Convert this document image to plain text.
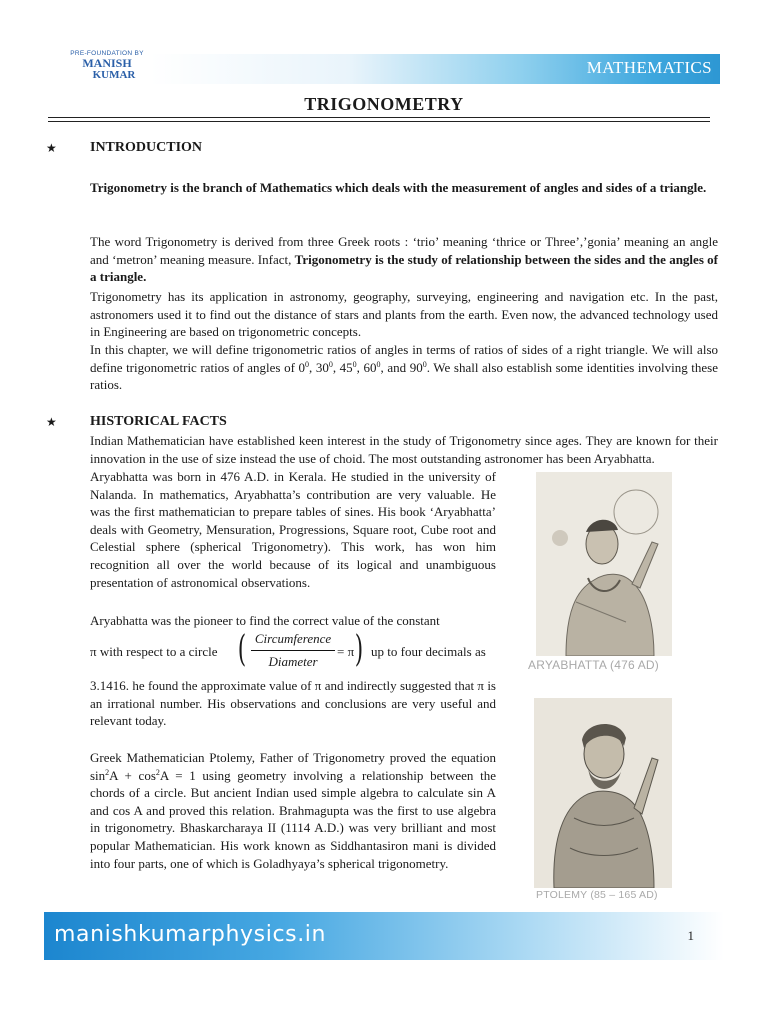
PRE-FOUNDATION BY
MANISH
KUMAR	MATHEMATICS
TRIGONOMETRY
★ INTRODUCTION
Trigonometry is the branch of Mathematics which deals with the measurement of angles and sides of a triangle.
The word Trigonometry is derived from three Greek roots : ‘trio’ meaning ‘thrice or Three’,’gonia’ meaning an angle and ‘metron’ meaning measure. Infact, Trigonometry is the study of relationship between the sides and the angles of a triangle.
Trigonometry has its application in astronomy, geography, surveying, engineering and navigation etc. In the past, astronomers used it to find out the distance of stars and plants from the earth. Even now, the advanced technology used in Engineering are based on trigonometric concepts.
In this chapter, we will define trigonometric ratios of angles in terms of ratios of sides of a right triangle. We will also define trigonometric ratios of angles of $0^0$, $30^0$, $45^0$, $60^0$, and $90^0$. We shall also establish some identities involving these ratios.
★ HISTORICAL FACTS
Indian Mathematician have established keen interest in the study of Trigonometry since ages. They are known for their innovation in the use of size instead the use of choid. The most outstanding astronomer has been Aryabhatta.
Aryabhatta was born in 476 A.D. in Kerala. He studied in the university of Nalanda. In mathematics, Aryabhatta’s contribution are very valuable. He was the first mathematician to prepare tables of sines. His book ‘Aryabhatta’ deals with Geometry, Mensuration, Progressions, Square root, Cube root and Celestial sphere (spherical Trigonometry). This work, has won him recognition all over the world because of its logical and unambiguous presentation of astronomical observations.
Aryabhatta was the pioneer to find the correct value of the constant
π with respect to a circle ( Circumference
Diameter
= π ) up to four decimals as
3.1416. he found the approximate value of π and indirectly suggested that π is an irrational number. His observations and conclusions are very useful and relevant today.
Greek Mathematician Ptolemy, Father of Trigonometry proved the equation $\sin^2A + \cos^2A = 1$ using geometry involving a relationship between the chords of a circle. But ancient Indian used simple algebra to calculate sin A and cos A and proved this relation. Brahmagupta was the first to use algebra in trigonometry. Bhaskarcharaya II (1114 A.D.) was very brilliant and most popular Mathematician. His work known as Siddhantasiron mani is divided into four parts, one of which is Goladhyaya’s spherical trigonometry.
ARYABHATTA (476 AD)
PTOLEMY (85 – 165 AD)
manishkumarphysics.in	1
